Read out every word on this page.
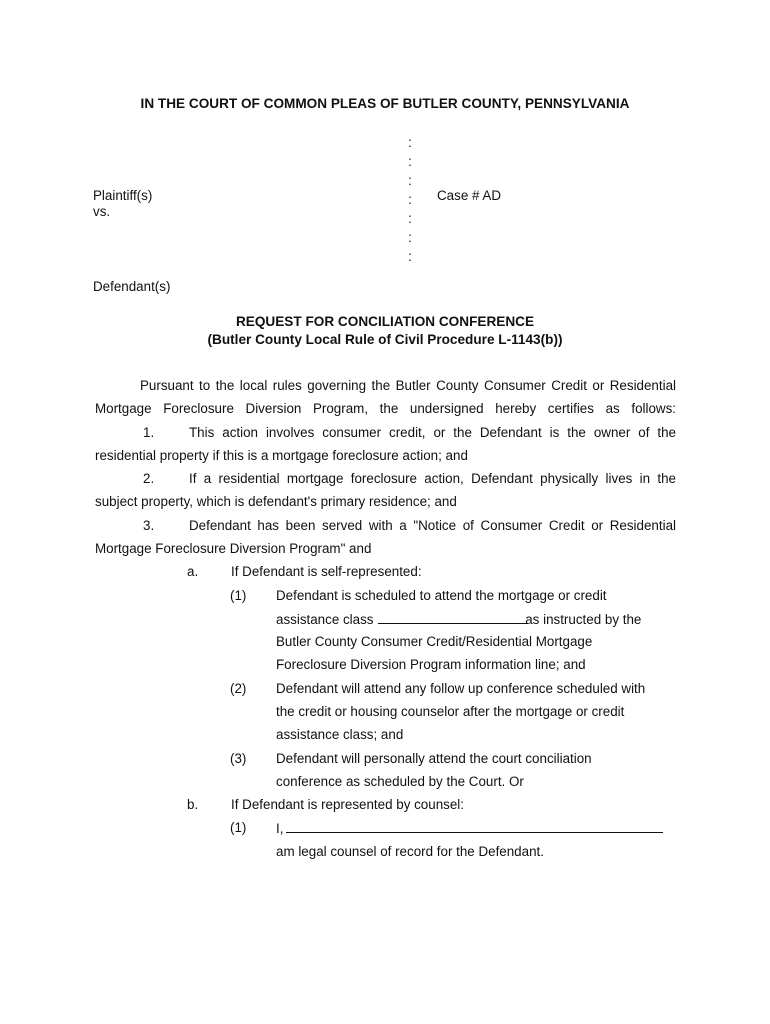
IN THE COURT OF COMMON PLEAS OF BUTLER COUNTY, PENNSYLVANIA
:
:
:
:
:
:
:
Plaintiff(s)
vs.
Case # AD
Defendant(s)
REQUEST FOR CONCILIATION CONFERENCE
(Butler County Local Rule of Civil Procedure L-1143(b))
Pursuant to the local rules governing the Butler County Consumer Credit or Residential
Mortgage Foreclosure Diversion Program, the undersigned hereby certifies as follows:
1.	This action involves consumer credit, or the Defendant is the owner of the
residential property if this is a mortgage foreclosure action; and
2.	If a residential mortgage foreclosure action, Defendant physically lives in the
subject property, which is defendant's primary residence; and
3.	Defendant has been served with a "Notice of Consumer Credit or Residential
Mortgage Foreclosure Diversion Program" and
a. If Defendant is self-represented:
(1) Defendant is scheduled to attend the mortgage or credit
assistance class	as instructed by the
Butler County Consumer Credit/Residential Mortgage
Foreclosure Diversion Program information line; and
(2) Defendant will attend any follow up conference scheduled with
the credit or housing counselor after the mortgage or credit
assistance class; and
(3) Defendant will personally attend the court conciliation
conference as scheduled by the Court. Or
b. If Defendant is represented by counsel:
(1) I,
am legal counsel of record for the Defendant.
